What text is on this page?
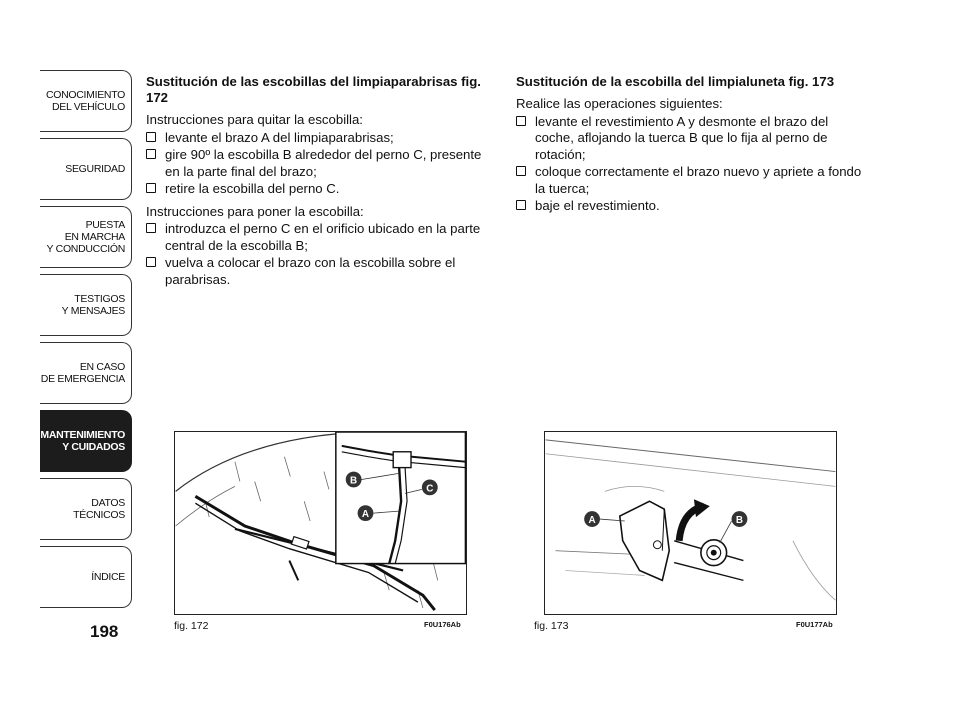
CONOCIMIENTO
DEL VEHÍCULO
SEGURIDAD
PUESTA
EN MARCHA
Y CONDUCCIÓN
TESTIGOS
Y MENSAJES
EN CASO
DE EMERGENCIA
MANTENIMIENTO
Y CUIDADOS
DATOS TÉCNICOS
ÍNDICE
198
Sustitución de las escobillas del limpiaparabrisas fig. 172

Instrucciones para quitar la escobilla:

levante el brazo A del limpiaparabrisas;
gire 90º la escobilla B alrededor del perno C, presente en la parte final del brazo;
retire la escobilla del perno C.

Instrucciones para poner la escobilla:

introduzca el perno C en el orificio ubicado en la parte central de la escobilla B;
vuelva a colocar el brazo con la escobilla sobre el parabrisas.
Sustitución de la escobilla del limpialuneta fig. 173

Realice las operaciones siguientes:

levante el revestimiento A y desmonte el brazo del coche, aflojando la tuerca B que lo fija al perno de rotación;
coloque correctamente el brazo nuevo y apriete a fondo la tuerca;
baje el revestimiento.
B
C
A
fig. 172	F0U176Ab
A	B
fig. 173	F0U177Ab
